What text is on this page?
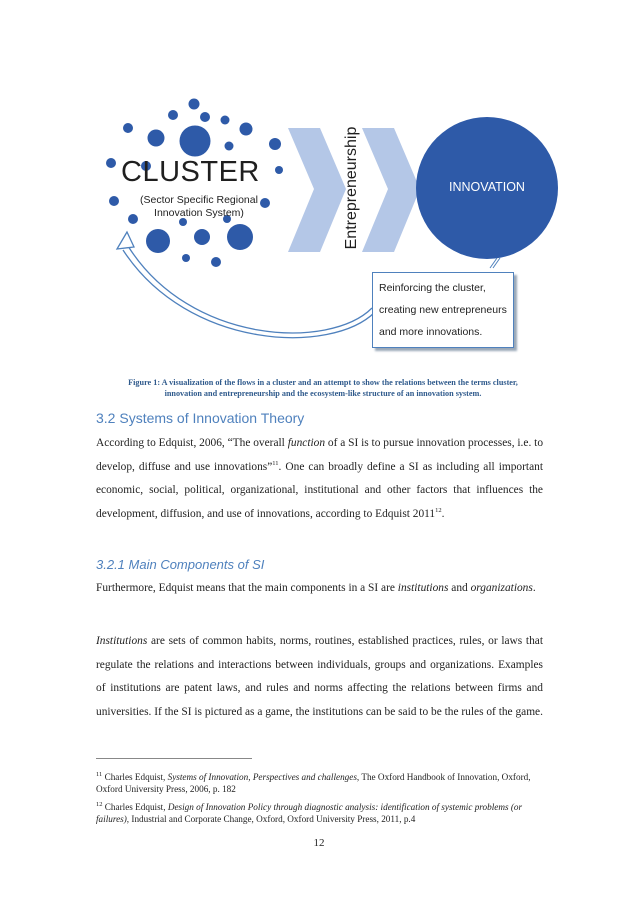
CLUSTER
(Sector Specific Regional Innovation System)	Entrepreneurship	INNOVATION
Reinforcing the cluster, creating new entrepreneurs and more innovations.
Figure 1: A visualization of the flows in a cluster and an attempt to show the relations between the terms cluster, innovation and entrepreneurship and the ecosystem-like structure of an innovation system.
3.2 Systems of Innovation Theory

According to Edquist, 2006, “The overall function of a SI is to pursue innovation processes, i.e. to develop, diffuse and use innovations”$^{11}$. One can broadly define a SI as including all important economic, social, political, organizational, institutional and other factors that influences the development, diffusion, and use of innovations, according to Edquist 2011$^{12}$.

3.2.1 Main Components of SI

Furthermore, Edquist means that the main components in a SI are institutions and organizations.

Institutions are sets of common habits, norms, routines, established practices, rules, or laws that regulate the relations and interactions between individuals, groups and organizations. Examples of institutions are patent laws, and rules and norms affecting the relations between firms and universities. If the SI is pictured as a game, the institutions can be said to be the rules of the game.

$^{11}$ Charles Edquist, Systems of Innovation, Perspectives and challenges, The Oxford Handbook of Innovation, Oxford, Oxford University Press, 2006, p. 182

$^{12}$ Charles Edquist, Design of Innovation Policy through diagnostic analysis: identification of systemic problems (or failures), Industrial and Corporate Change, Oxford, Oxford University Press, 2011, p.4

12
